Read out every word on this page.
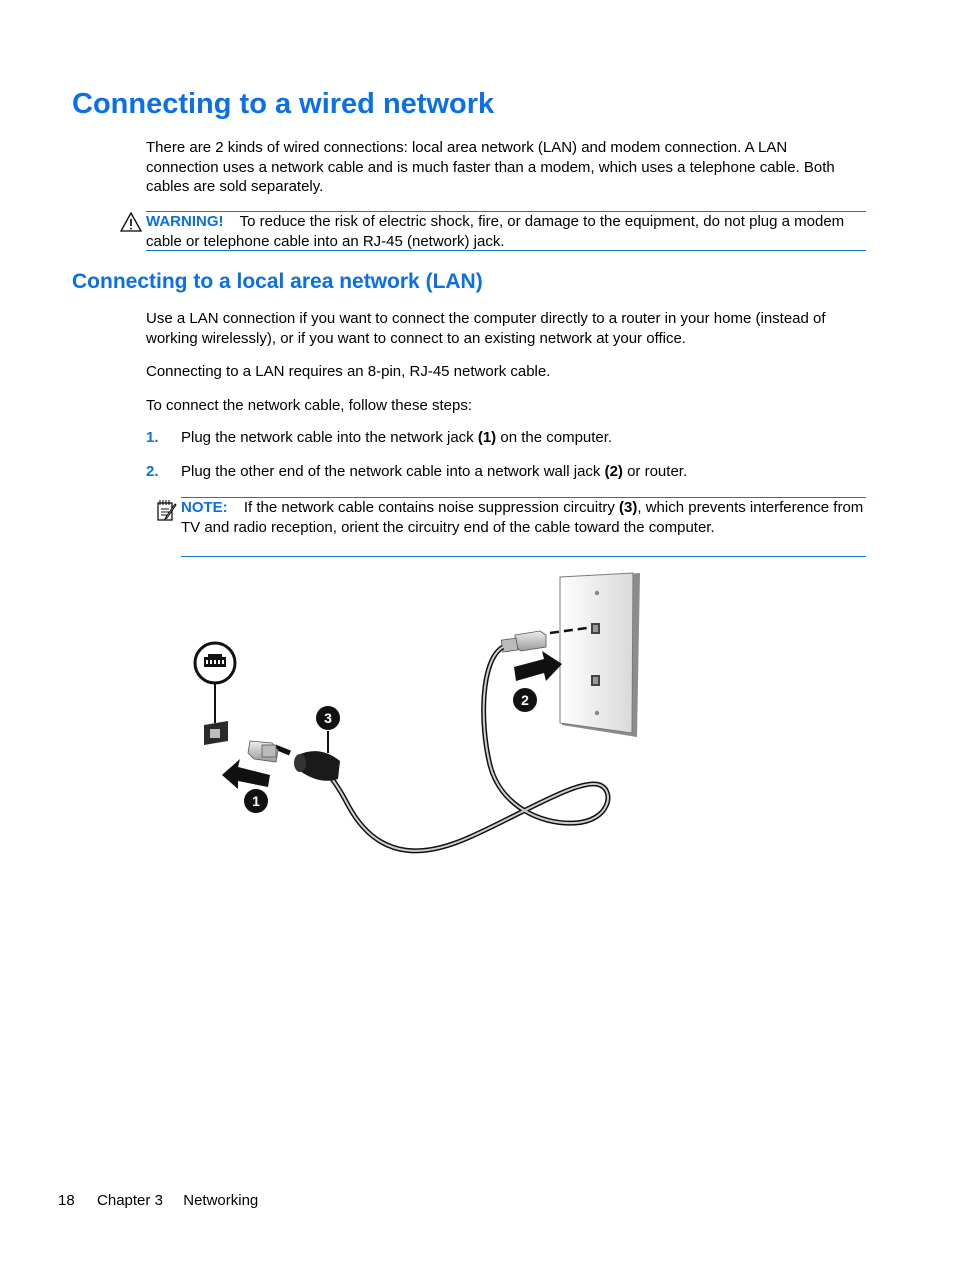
Connecting to a wired network

There are 2 kinds of wired connections: local area network (LAN) and modem connection. A LAN connection uses a network cable and is much faster than a modem, which uses a telephone cable. Both cables are sold separately.

WARNING! To reduce the risk of electric shock, fire, or damage to the equipment, do not plug a modem cable or telephone cable into an RJ-45 (network) jack.
Connecting to a local area network (LAN)

Use a LAN connection if you want to connect the computer directly to a router in your home (instead of working wirelessly), or if you want to connect to an existing network at your office.

Connecting to a LAN requires an 8-pin, RJ-45 network cable.

To connect the network cable, follow these steps:

1. Plug the network cable into the network jack (1) on the computer.
2. Plug the other end of the network cable into a network wall jack (2) or router.
NOTE: If the network cable contains noise suppression circuitry (3), which prevents interference from TV and radio reception, orient the circuitry end of the cable toward the computer.
2
3
1
18 Chapter 3 Networking
